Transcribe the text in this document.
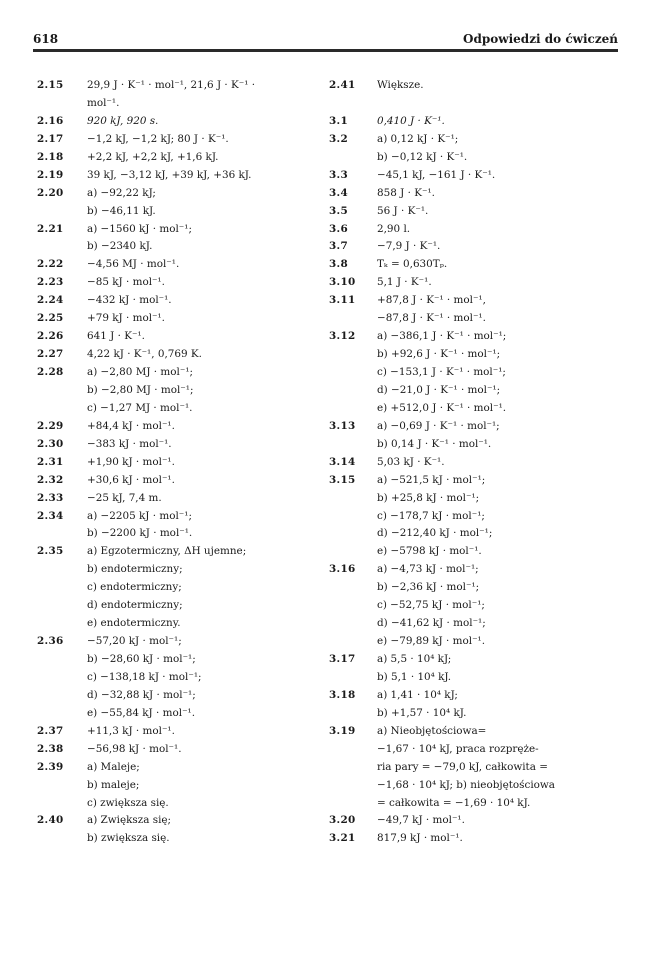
618	Odpowiedzi do ćwiczeń
2.15 29,9 J · K⁻¹ · mol⁻¹, 21,6 J · K⁻¹ ·
mol⁻¹.
2.16 920 kJ, 920 s.
2.17 −1,2 kJ, −1,2 kJ; 80 J · K⁻¹.
2.18 +2,2 kJ, +2,2 kJ, +1,6 kJ.
2.19 39 kJ, −3,12 kJ, +39 kJ, +36 kJ.
2.20 a) −92,22 kJ;
b) −46,11 kJ.
2.21 a) −1560 kJ · mol⁻¹;
b) −2340 kJ.
2.22 −4,56 MJ · mol⁻¹.
2.23 −85 kJ · mol⁻¹.
2.24 −432 kJ · mol⁻¹.
2.25 +79 kJ · mol⁻¹.
2.26 641 J · K⁻¹.
2.27 4,22 kJ · K⁻¹, 0,769 K.
2.28 a) −2,80 MJ · mol⁻¹;
b) −2,80 MJ · mol⁻¹;
c) −1,27 MJ · mol⁻¹.
2.29 +84,4 kJ · mol⁻¹.
2.30 −383 kJ · mol⁻¹.
2.31 +1,90 kJ · mol⁻¹.
2.32 +30,6 kJ · mol⁻¹.
2.33 −25 kJ, 7,4 m.
2.34 a) −2205 kJ · mol⁻¹;
b) −2200 kJ · mol⁻¹.
2.35 a) Egzotermiczny, ΔH ujemne;
b) endotermiczny;
c) endotermiczny;
d) endotermiczny;
e) endotermiczny.
2.36 −57,20 kJ · mol⁻¹;
b) −28,60 kJ · mol⁻¹;
c) −138,18 kJ · mol⁻¹;
d) −32,88 kJ · mol⁻¹;
e) −55,84 kJ · mol⁻¹.
2.37 +11,3 kJ · mol⁻¹.
2.38 −56,98 kJ · mol⁻¹.
2.39 a) Maleje;
b) maleje;
c) zwiększa się.
2.40 a) Zwiększa się;
b) zwiększa się.
2.41 Większe.
3.1	0,410 J · K⁻¹.
3.2	a) 0,12 kJ · K⁻¹;
b) −0,12 kJ · K⁻¹.
3.3	−45,1 kJ, −161 J · K⁻¹.
3.4	858 J · K⁻¹.
3.5	56 J · K⁻¹.
3.6	2,90 l.
3.7	−7,9 J · K⁻¹.
3.8	Tₖ = 0,630Tₚ.
3.10 5,1 J · K⁻¹.
3.11 +87,8 J · K⁻¹ · mol⁻¹,
−87,8 J · K⁻¹ · mol⁻¹.
3.12 a) −386,1 J · K⁻¹ · mol⁻¹;
b) +92,6 J · K⁻¹ · mol⁻¹;
c) −153,1 J · K⁻¹ · mol⁻¹;
d) −21,0 J · K⁻¹ · mol⁻¹;
e) +512,0 J · K⁻¹ · mol⁻¹.
3.13 a) −0,69 J · K⁻¹ · mol⁻¹;
b) 0,14 J · K⁻¹ · mol⁻¹.
3.14 5,03 kJ · K⁻¹.
3.15 a) −521,5 kJ · mol⁻¹;
b) +25,8 kJ · mol⁻¹;
c) −178,7 kJ · mol⁻¹;
d) −212,40 kJ · mol⁻¹;
e) −5798 kJ · mol⁻¹.
3.16 a) −4,73 kJ · mol⁻¹;
b) −2,36 kJ · mol⁻¹;
c) −52,75 kJ · mol⁻¹;
d) −41,62 kJ · mol⁻¹;
e) −79,89 kJ · mol⁻¹.
3.17 a) 5,5 · 10⁴ kJ;
b) 5,1 · 10⁴ kJ.
3.18 a) 1,41 · 10⁴ kJ;
b) +1,57 · 10⁴ kJ.
3.19 a) Nieobjętościowa=
−1,67 · 10⁴ kJ, praca rozpręże-
ria pary = −79,0 kJ, całkowita =
−1,68 · 10⁴ kJ; b) nieobjętościowa
= całkowita = −1,69 · 10⁴ kJ.
3.20 −49,7 kJ · mol⁻¹.
3.21 817,9 kJ · mol⁻¹.
